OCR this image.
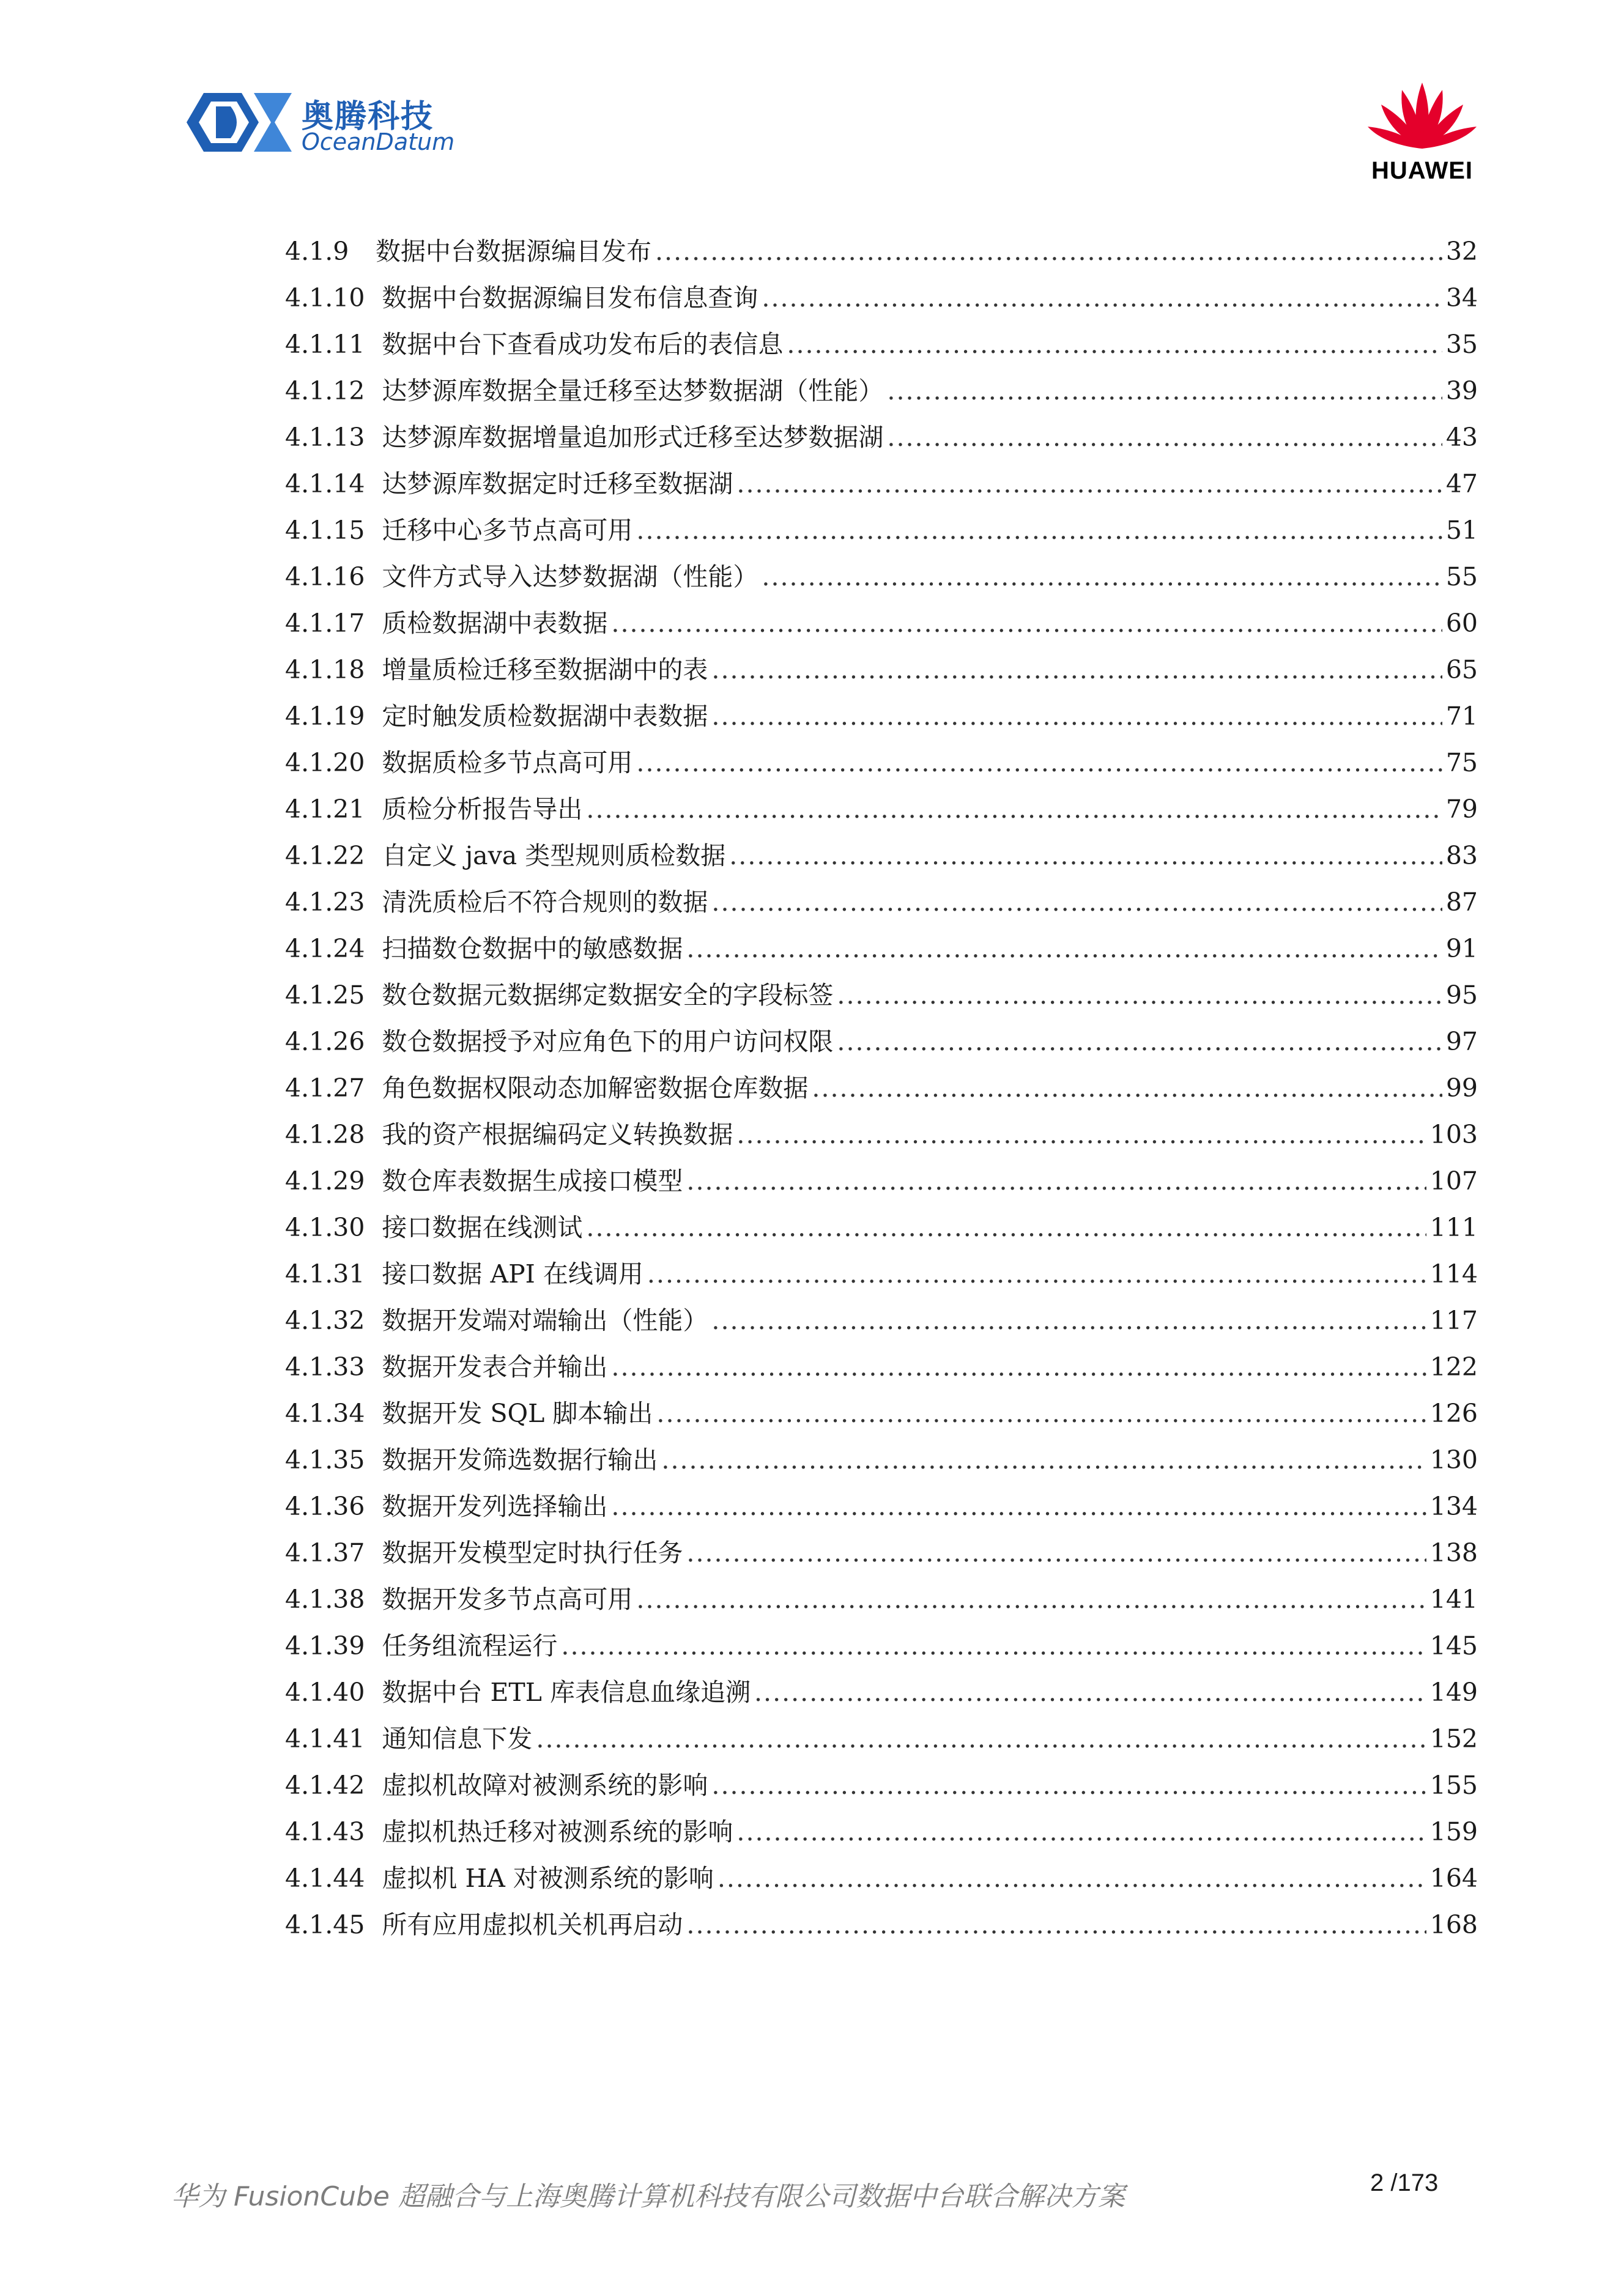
奥腾科技
OceanDatum
HUAWEI
4.1.9	数据中台数据源编目发布 .....	32
4.1.10 数据中台数据源编目发布信息查询 .....	34
4.1.11 数据中台下查看成功发布后的表信息 .....	35
4.1.12 达梦源库数据全量迁移至达梦数据湖（性能） .....	39
4.1.13 达梦源库数据增量追加形式迁移至达梦数据湖 .....	43
4.1.14 达梦源库数据定时迁移至数据湖 .....	47
4.1.15 迁移中心多节点高可用 .....	51
4.1.16 文件方式导入达梦数据湖（性能） .....	55
4.1.17 质检数据湖中表数据 .....	60
4.1.18 增量质检迁移至数据湖中的表 .....	65
4.1.19 定时触发质检数据湖中表数据 .....	71
4.1.20 数据质检多节点高可用 .....	75
4.1.21 质检分析报告导出 .....	79
4.1.22 自定义 java 类型规则质检数据 .....	83
4.1.23 清洗质检后不符合规则的数据 .....	87
4.1.24 扫描数仓数据中的敏感数据 .....	91
4.1.25 数仓数据元数据绑定数据安全的字段标签 .....	95
4.1.26 数仓数据授予对应角色下的用户访问权限 .....	97
4.1.27 角色数据权限动态加解密数据仓库数据 .....	99
4.1.28 我的资产根据编码定义转换数据 .....	103
4.1.29 数仓库表数据生成接口模型 .....	107
4.1.30 接口数据在线测试 .....	111
4.1.31 接口数据 API 在线调用 .....	114
4.1.32 数据开发端对端输出（性能） .....	117
4.1.33 数据开发表合并输出 .....	122
4.1.34 数据开发 SQL 脚本输出 .....	126
4.1.35 数据开发筛选数据行输出 .....	130
4.1.36 数据开发列选择输出 .....	134
4.1.37 数据开发模型定时执行任务 .....	138
4.1.38 数据开发多节点高可用 .....	141
4.1.39 任务组流程运行 .....	145
4.1.40 数据中台 ETL 库表信息血缘追溯 .....	149
4.1.41 通知信息下发 .....	152
4.1.42 虚拟机故障对被测系统的影响 .....	155
4.1.43 虚拟机热迁移对被测系统的影响 .....	159
4.1.44 虚拟机 HA 对被测系统的影响 .....	164
4.1.45 所有应用虚拟机关机再启动 .....	168
华为 FusionCube 超融合与上海奥腾计算机科技有限公司数据中台联合解决方案	2 /173
